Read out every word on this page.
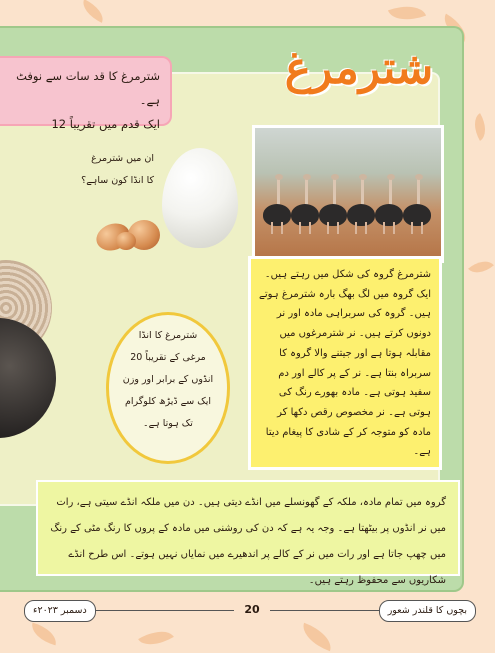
شترمرغ
شترمرغ کا قد سات سے نوفٹ ہے۔
ایک قدم میں تقریباً 12
شترمرغ گروہ کی شکل میں رہتے ہیں۔ ایک گروہ میں لگ بھگ بارہ شترمرغ ہوتے ہیں۔ گروہ کی سربراہی مادہ اور نر دونوں کرتے ہیں۔ نر شترمرغوں میں مقابلہ ہوتا ہے اور جیتنے والا گروہ کا سربراہ بنتا ہے۔ نر کے پر کالے اور دم سفید ہوتی ہے۔ مادہ بھورے رنگ کی ہوتی ہے۔ نر مخصوص رقص دکھا کر مادہ کو متوجہ کر کے شادی کا پیغام دیتا ہے۔
ان میں شترمرغ
کا انڈا کون ساہے؟
شترمرغ کا انڈا
مرغی کے تقریباً 20 انڈوں کے برابر اور وزن ایک سے ڈیڑھ کلوگرام تک ہوتا ہے۔
گروہ میں تمام مادہ، ملکہ کے گھونسلے میں انڈے دیتی ہیں۔ دن میں ملکہ انڈے سیتی ہے، رات میں نر انڈوں پر بیٹھتا ہے۔ وجہ یہ ہے کہ دن کی روشنی میں مادہ کے پروں کا رنگ مٹی کے رنگ میں چھپ جاتا ہے اور رات میں نر کے کالے پر اندھیرے میں نمایاں نہیں ہوتے۔ اس طرح انڈے شکاریوں سے محفوظ رہتے ہیں۔
بچوں کا قلندر شعور
20
دسمبر ۲۰۲۳ء
